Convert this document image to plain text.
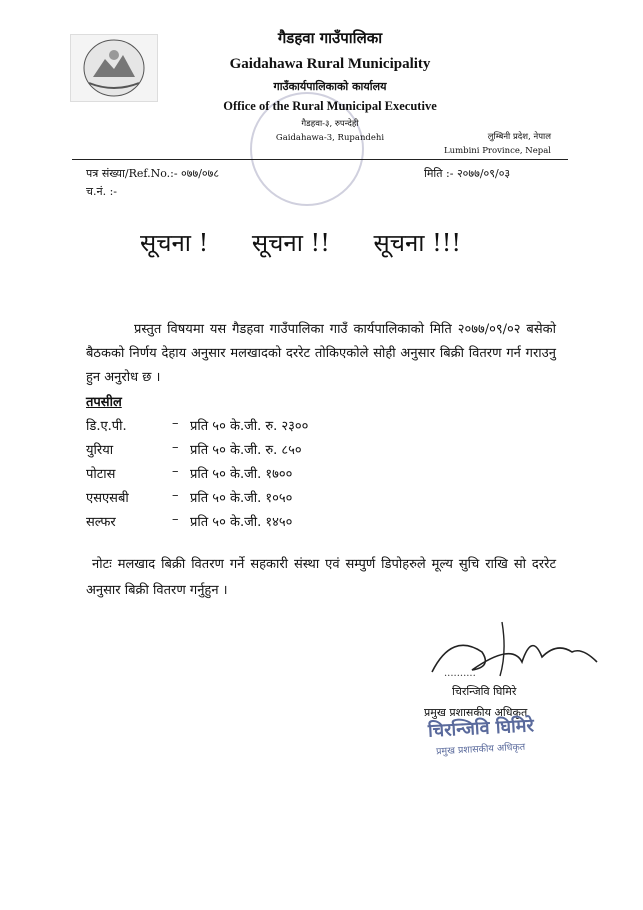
गैडहवा गाउँपालिका
Gaidahawa Rural Municipality
गाउँकार्यपालिकाको कार्यालय
Office of the Rural Municipal Executive
गैडहवा-३, रुपन्देही
Gaidahawa-3, Rupandehi	लुम्बिनी प्रदेश, नेपाल
Lumbini Province, Nepal
पत्र संख्या/Ref.No.:- ०७७/०७८	मिति :- २०७७/०९/०३
च.नं. :-
सूचना ! सूचना !! सूचना !!!
प्रस्तुत विषयमा यस गैडहवा गाउँपालिका गाउँ कार्यपालिकाको मिति २०७७/०९/०२ बसेको बैठकको निर्णय देहाय अनुसार मलखादको दररेट तोकिएकोले सोही अनुसार बिक्री वितरण गर्न गराउनु हुन अनुरोध छ ।
तपसील
डि.ए.पी.	– प्रति ५० के.जी. रु. २३००
युरिया	– प्रति ५० के.जी. रु. ८५०
पोटास	– प्रति ५० के.जी. १७००
एसएसबी	– प्रति ५० के.जी. १०५०
सल्फर	– प्रति ५० के.जी. १४५०
नोटः मलखाद बिक्री वितरण गर्ने सहकारी संस्था एवं सम्पुर्ण डिपोहरुले मूल्य सुचि राखि सो दररेट अनुसार बिक्री वितरण गर्नुहुन ।
..........
चिरन्जिवि घिमिरे
प्रमुख प्रशासकीय अधिकृत
चिरन्जिवि घिमिरे
प्रमुख प्रशासकीय अधिकृत
